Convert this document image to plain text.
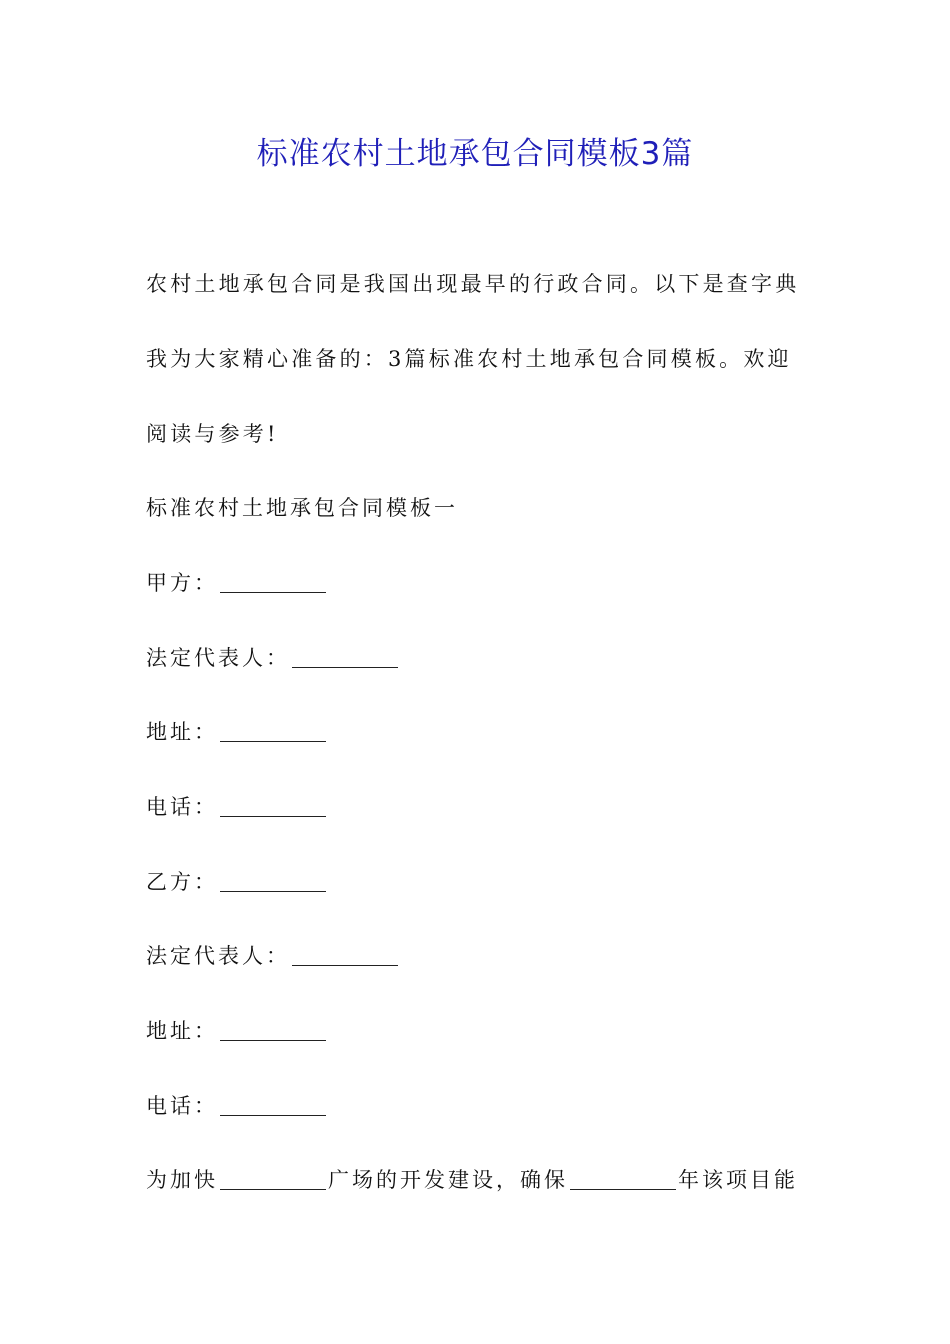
标准农村土地承包合同模板3篇
农村土地承包合同是我国出现最早的行政合同。以下是查字典
我为大家精心准备的：3篇标准农村土地承包合同模板。欢迎
阅读与参考!
标准农村土地承包合同模板一
甲方：
法定代表人：
地址：
电话：
乙方：
法定代表人：
地址：
电话：
为加快	广场的开发建设，确保	年该项目能
